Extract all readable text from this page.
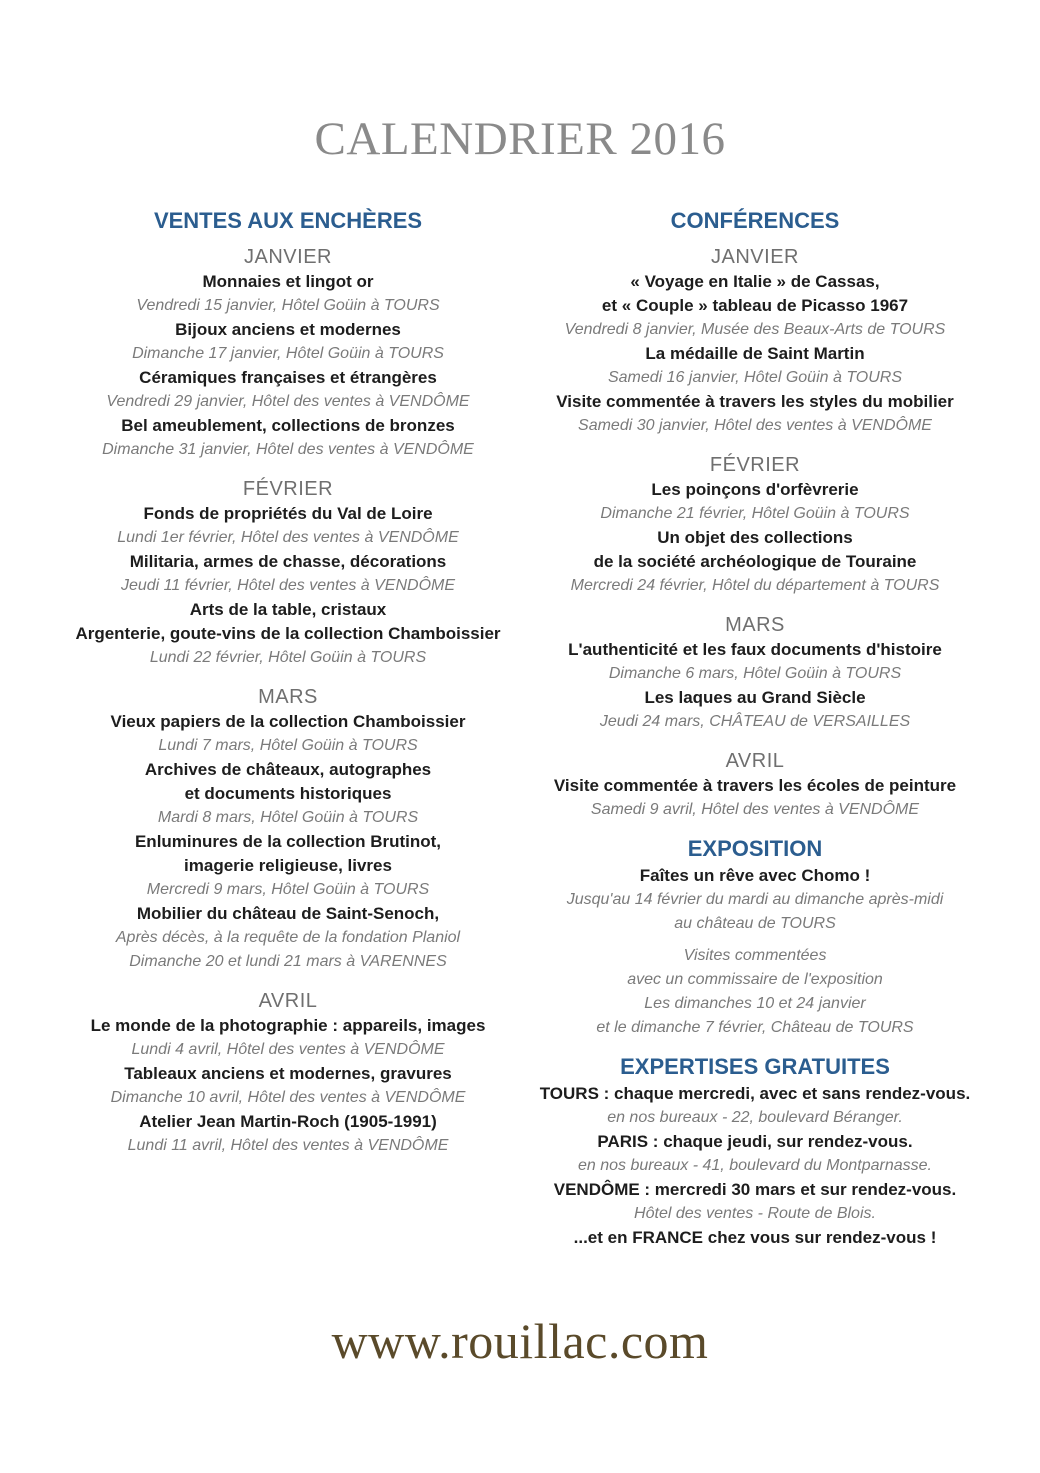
CALENDRIER 2016
VENTES AUX ENCHÈRES
JANVIER
Monnaies et lingot or
Vendredi 15 janvier, Hôtel Goüin à TOURS
Bijoux anciens et modernes
Dimanche 17 janvier, Hôtel Goüin à TOURS
Céramiques françaises et étrangères
Vendredi 29 janvier, Hôtel des ventes à VENDÔME
Bel ameublement, collections de bronzes
Dimanche 31 janvier, Hôtel des ventes à VENDÔME
FÉVRIER
Fonds de propriétés du Val de Loire
Lundi 1er février, Hôtel des ventes à VENDÔME
Militaria, armes de chasse, décorations
Jeudi 11 février, Hôtel des ventes à VENDÔME
Arts de la table, cristaux
Argenterie, goute-vins de la collection Chamboissier
Lundi 22 février, Hôtel Goüin à TOURS
MARS
Vieux papiers de la collection Chamboissier
Lundi 7 mars, Hôtel Goüin à TOURS
Archives de châteaux, autographes
et documents historiques
Mardi 8 mars, Hôtel Goüin à TOURS
Enluminures de la collection Brutinot,
imagerie religieuse, livres
Mercredi 9 mars, Hôtel Goüin à TOURS
Mobilier du château de Saint-Senoch,
Après décès, à la requête de la fondation Planiol
Dimanche 20 et lundi 21 mars à VARENNES
AVRIL
Le monde de la photographie : appareils, images
Lundi 4 avril, Hôtel des ventes à VENDÔME
Tableaux anciens et modernes, gravures
Dimanche 10 avril, Hôtel des ventes à VENDÔME
Atelier Jean Martin-Roch (1905-1991)
Lundi 11 avril, Hôtel des ventes à VENDÔME
CONFÉRENCES
JANVIER
« Voyage en Italie » de Cassas,
et « Couple » tableau de Picasso 1967
Vendredi 8 janvier, Musée des Beaux-Arts de TOURS
La médaille de Saint Martin
Samedi 16 janvier, Hôtel Goüin à TOURS
Visite commentée à travers les styles du mobilier
Samedi 30 janvier, Hôtel des ventes à VENDÔME
FÉVRIER
Les poinçons d'orfèvrerie
Dimanche 21 février, Hôtel Goüin à TOURS
Un objet des collections
de la société archéologique de Touraine
Mercredi 24 février, Hôtel du département à TOURS
MARS
L'authenticité et les faux documents d'histoire
Dimanche 6 mars, Hôtel Goüin à TOURS
Les laques au Grand Siècle
Jeudi 24 mars, CHÂTEAU de VERSAILLES
AVRIL
Visite commentée à travers les écoles de peinture
Samedi 9 avril, Hôtel des ventes à VENDÔME
EXPOSITION
Faîtes un rêve avec Chomo !
Jusqu'au 14 février du mardi au dimanche après-midi
au château de TOURS
Visites commentées
avec un commissaire de l'exposition
Les dimanches 10 et 24 janvier
et le dimanche 7 février, Château de TOURS
EXPERTISES GRATUITES
TOURS : chaque mercredi, avec et sans rendez-vous.
en nos bureaux - 22, boulevard Béranger.
PARIS : chaque jeudi, sur rendez-vous.
en nos bureaux - 41, boulevard du Montparnasse.
VENDÔME : mercredi 30 mars et sur rendez-vous.
Hôtel des ventes - Route de Blois.
...et en FRANCE chez vous sur rendez-vous !
www.rouillac.com
